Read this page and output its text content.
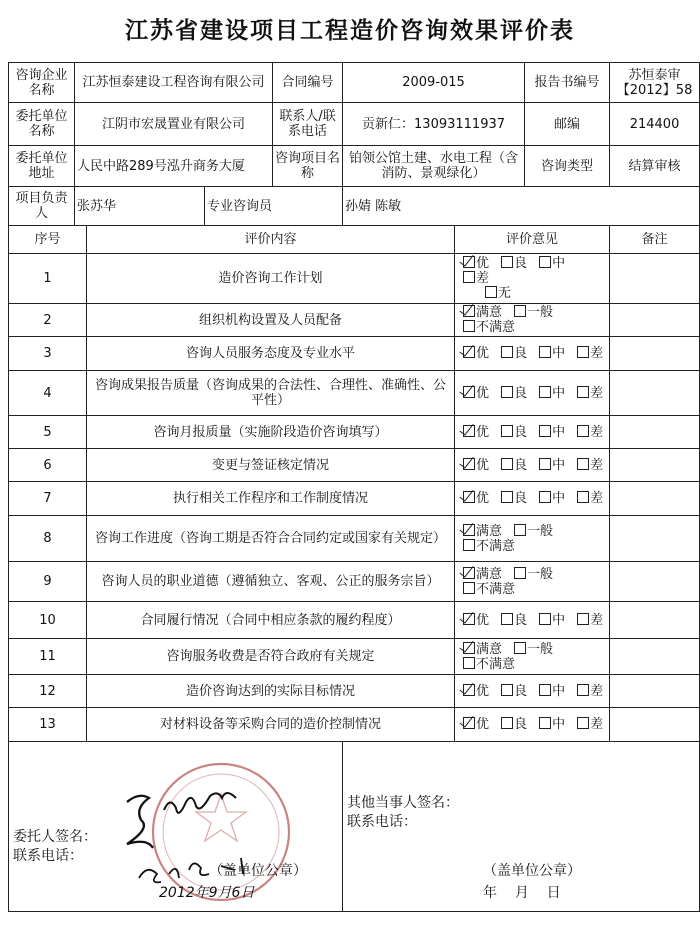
江苏省建设项目工程造价咨询效果评价表
咨询企业名称	江苏恒泰建设工程咨询有限公司			合同编号	2009-015		报告书编号	苏恒泰审【2012】58
委托单位名称	江阴市宏晟置业有限公司			联系人/联系电话	贡新仁：13093111937		邮编	214400
委托单位地址	人民中路289号泓升商务大厦			咨询项目名称	铂领公馆土建、水电工程（含消防、景观绿化）		咨询类型	结算审核
项目负责人	张苏华		专业咨询员		孙婧 陈敏			
序号		评价内容				评价意见		备注
1		造价咨询工作计划				优 良 中差
无		
2		组织机构设置及人员配备				满意 一般不满意		
3		咨询人员服务态度及专业水平				优 良 中 差		
4		咨询成果报告质量（咨询成果的合法性、合理性、准确性、公平性）				优 良 中 差		
5		咨询月报质量（实施阶段造价咨询填写）				优 良 中 差		
6		变更与签证核定情况				优 良 中 差		
7		执行相关工作程序和工作制度情况				优 良 中 差		
8		咨询工作进度（咨询工期是否符合合同约定或国家有关规定）				满意 一般不满意		
9		咨询人员的职业道德（遵循独立、客观、公正的服务宗旨）				满意 一般不满意		
10		合同履行情况（合同中相应条款的履约程度）				优 良 中 差		
11		咨询服务收费是否符合政府有关规定				满意 一般不满意		
12		造价咨询达到的实际目标情况				优 良 中 差		
13		对材料设备等采购合同的造价控制情况				优 良 中 差		

委托人签名：
联系电话：
（盖单位公章）
2012年9月6日					其他当事人签名：
联系电话：
（盖单位公章）
年    月    日			
